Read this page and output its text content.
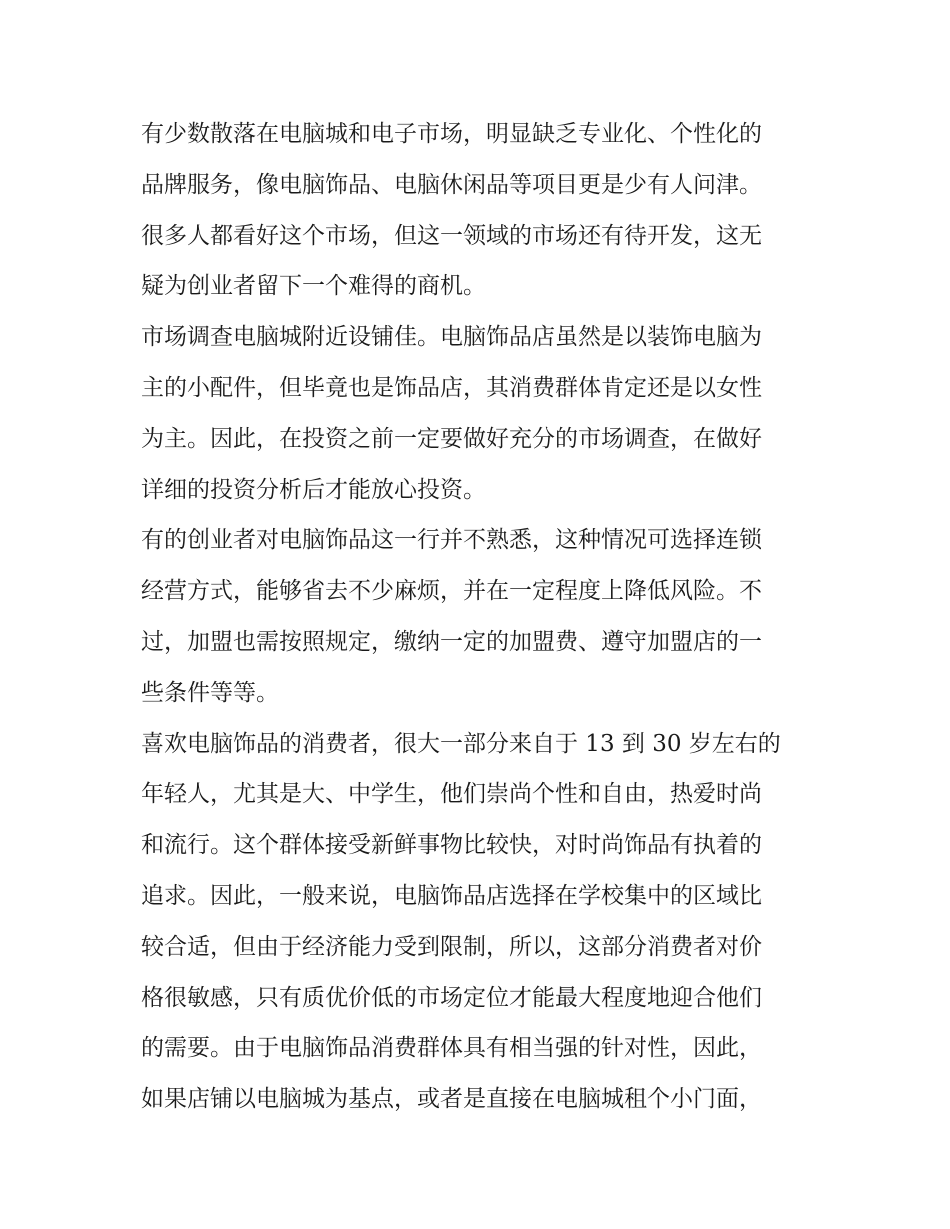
有少数散落在电脑城和电子市场，明显缺乏专业化、个性化的
品牌服务，像电脑饰品、电脑休闲品等项目更是少有人问津。
很多人都看好这个市场，但这一领域的市场还有待开发，这无
疑为创业者留下一个难得的商机。
市场调查电脑城附近设铺佳。电脑饰品店虽然是以装饰电脑为
主的小配件，但毕竟也是饰品店，其消费群体肯定还是以女性
为主。因此，在投资之前一定要做好充分的市场调查，在做好
详细的投资分析后才能放心投资。
有的创业者对电脑饰品这一行并不熟悉，这种情况可选择连锁
经营方式，能够省去不少麻烦，并在一定程度上降低风险。不
过，加盟也需按照规定，缴纳一定的加盟费、遵守加盟店的一
些条件等等。
喜欢电脑饰品的消费者，很大一部分来自于 13 到 30 岁左右的
年轻人，尤其是大、中学生，他们崇尚个性和自由，热爱时尚
和流行。这个群体接受新鲜事物比较快，对时尚饰品有执着的
追求。因此，一般来说，电脑饰品店选择在学校集中的区域比
较合适，但由于经济能力受到限制，所以，这部分消费者对价
格很敏感，只有质优价低的市场定位才能最大程度地迎合他们
的需要。由于电脑饰品消费群体具有相当强的针对性，因此，
如果店铺以电脑城为基点，或者是直接在电脑城租个小门面，
